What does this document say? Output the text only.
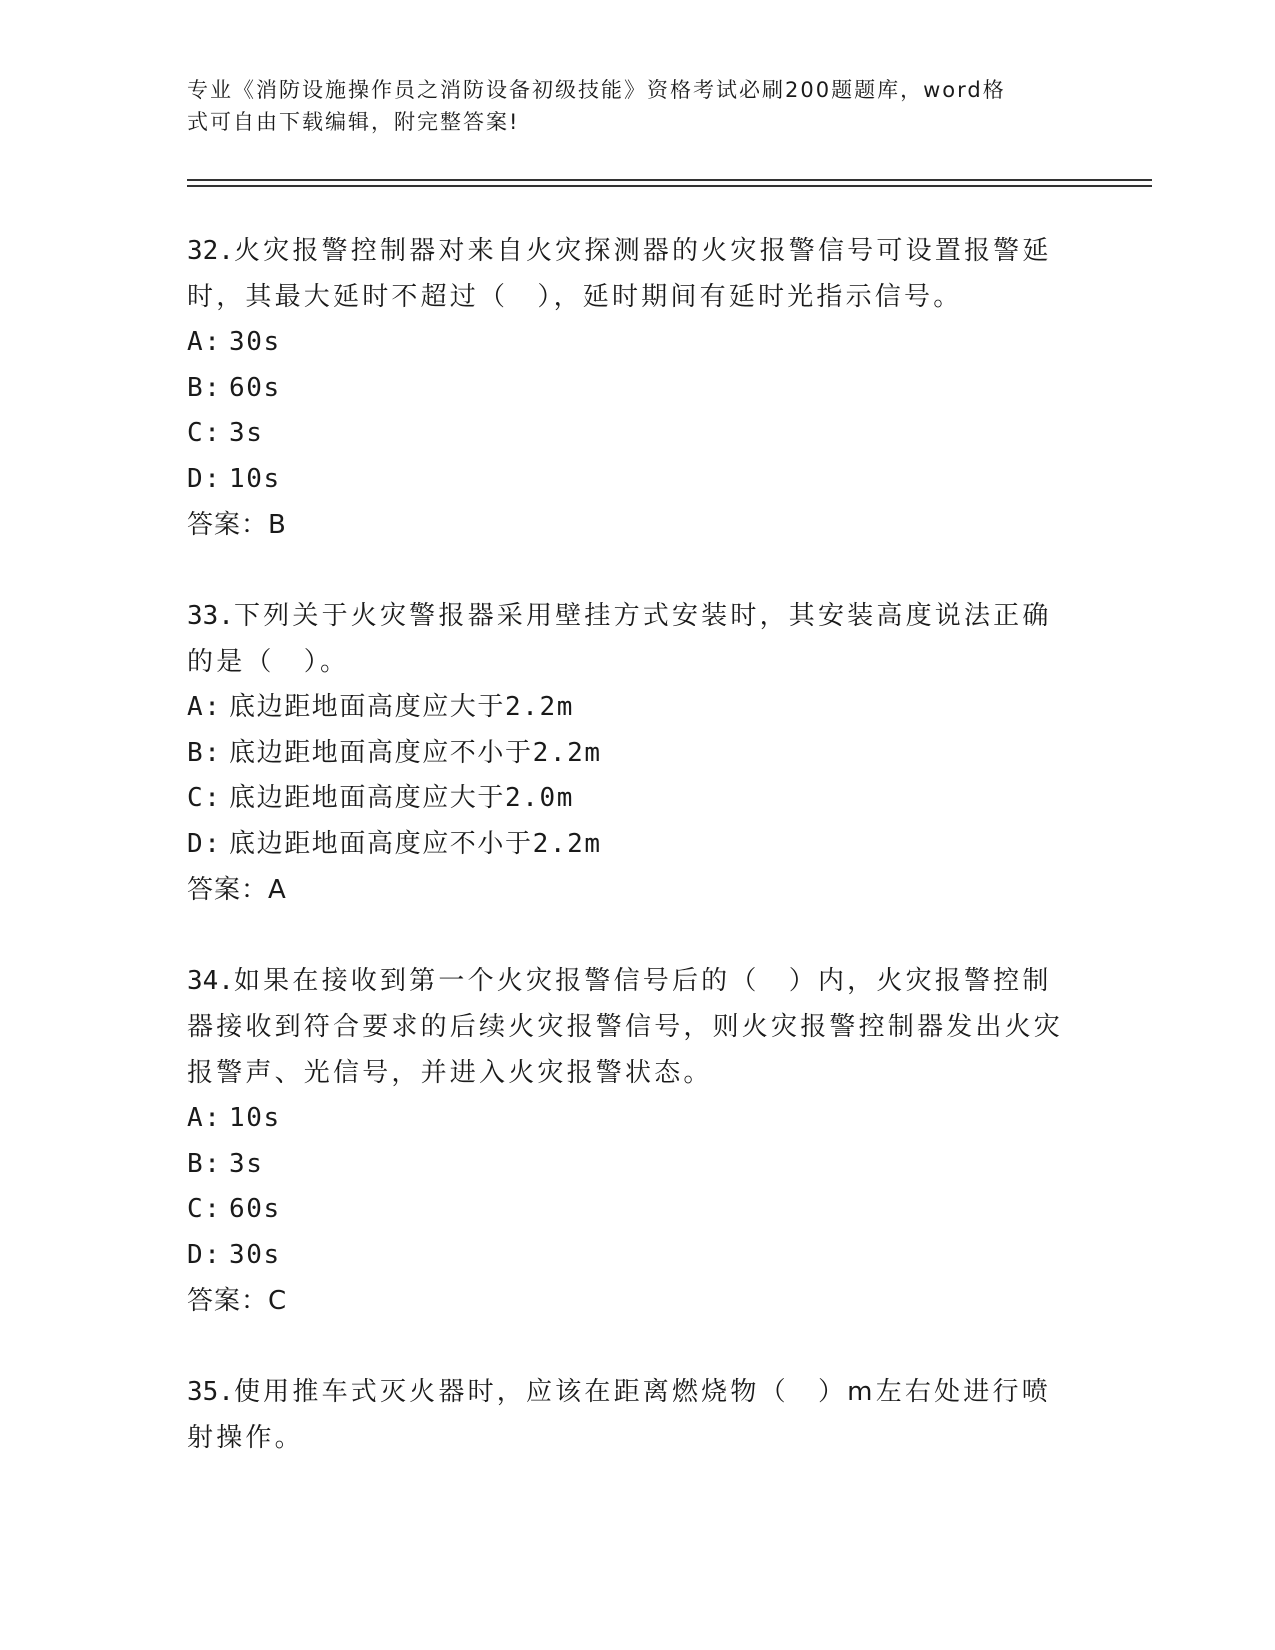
专业《消防设施操作员之消防设备初级技能》资格考试必刷200题题库，word格
式可自由下载编辑，附完整答案!
32.火灾报警控制器对来自火灾探测器的火灾报警信号可设置报警延时，其最大延时不超过（　），延时期间有延时光指示信号。
A: 30s
B: 60s
C: 3s
D: 10s
答案：B
33.下列关于火灾警报器采用壁挂方式安装时，其安装高度说法正确的是（　）。
A: 底边距地面高度应大于2.2m
B: 底边距地面高度应不小于2.2m
C: 底边距地面高度应大于2.0m
D: 底边距地面高度应不小于2.2m
答案：A
34.如果在接收到第一个火灾报警信号后的（　）内，火灾报警控制器接收到符合要求的后续火灾报警信号，则火灾报警控制器发出火灾报警声、光信号，并进入火灾报警状态。
A: 10s
B: 3s
C: 60s
D: 30s
答案：C
35.使用推车式灭火器时，应该在距离燃烧物（　）m左右处进行喷射操作。
